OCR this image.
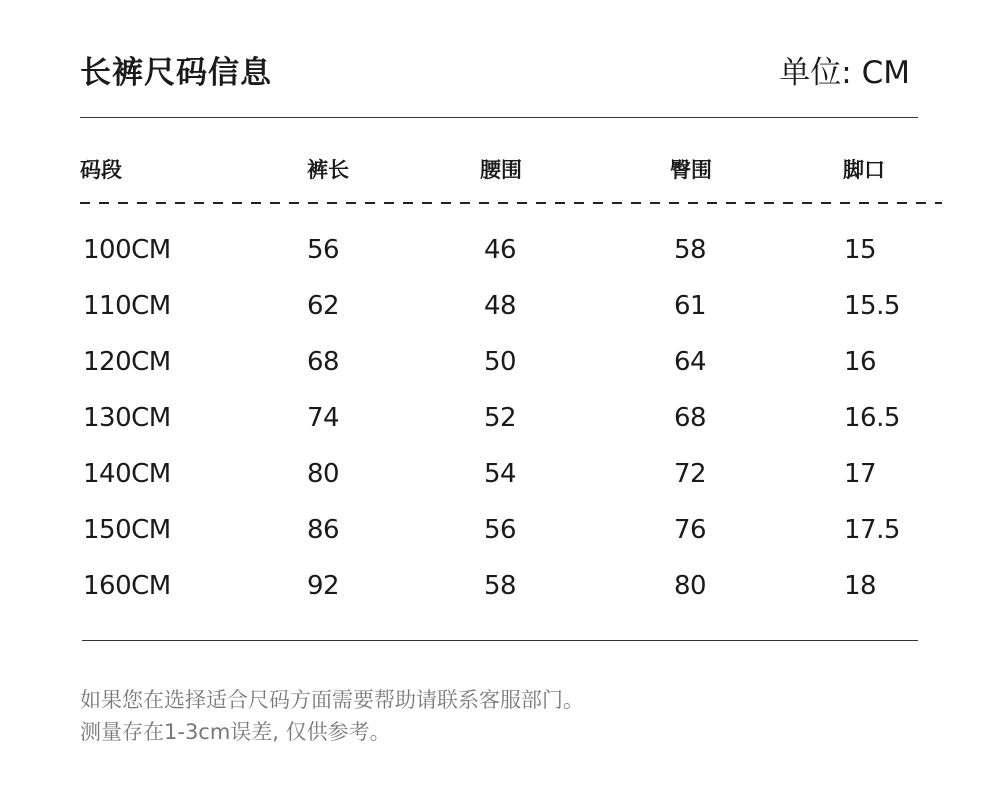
长裤尺码信息	单位: CM
码段	裤长	腰围	臀围	脚口
100CM	56	46	58	15
110CM	62	48	61	15.5
120CM	68	50	64	16
130CM	74	52	68	16.5
140CM	80	54	72	17
150CM	86	56	76	17.5
160CM	92	58	80	18
如果您在选择适合尺码方面需要帮助请联系客服部门。
测量存在1-3cm误差, 仅供参考。
